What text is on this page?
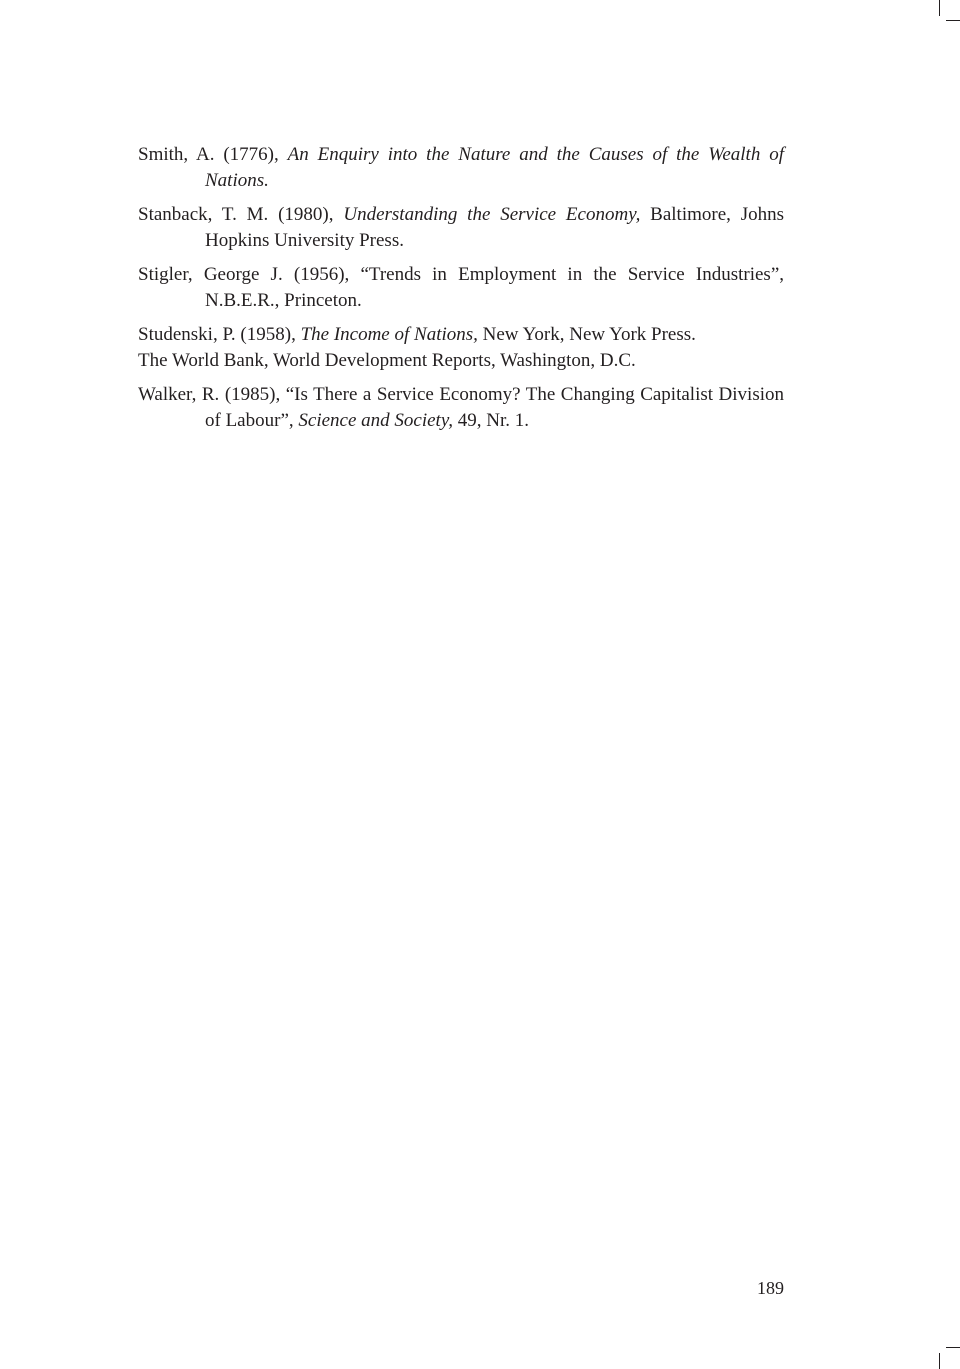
Smith, A. (1776), An Enquiry into the Nature and the Causes of the Wealth of Nations.

Stanback, T. M. (1980), Understanding the Service Economy, Baltimore, Johns Hopkins University Press.

Stigler, George J. (1956), “Trends in Employment in the Service Industries”, N.B.E.R., Princeton.

Studenski, P. (1958), The Income of Nations, New York, New York Press.

The World Bank, World Development Reports, Washington, D.C.

Walker, R. (1985), “Is There a Service Economy? The Changing Capitalist Division of Labour”, Science and Society, 49, Nr. 1.

189
